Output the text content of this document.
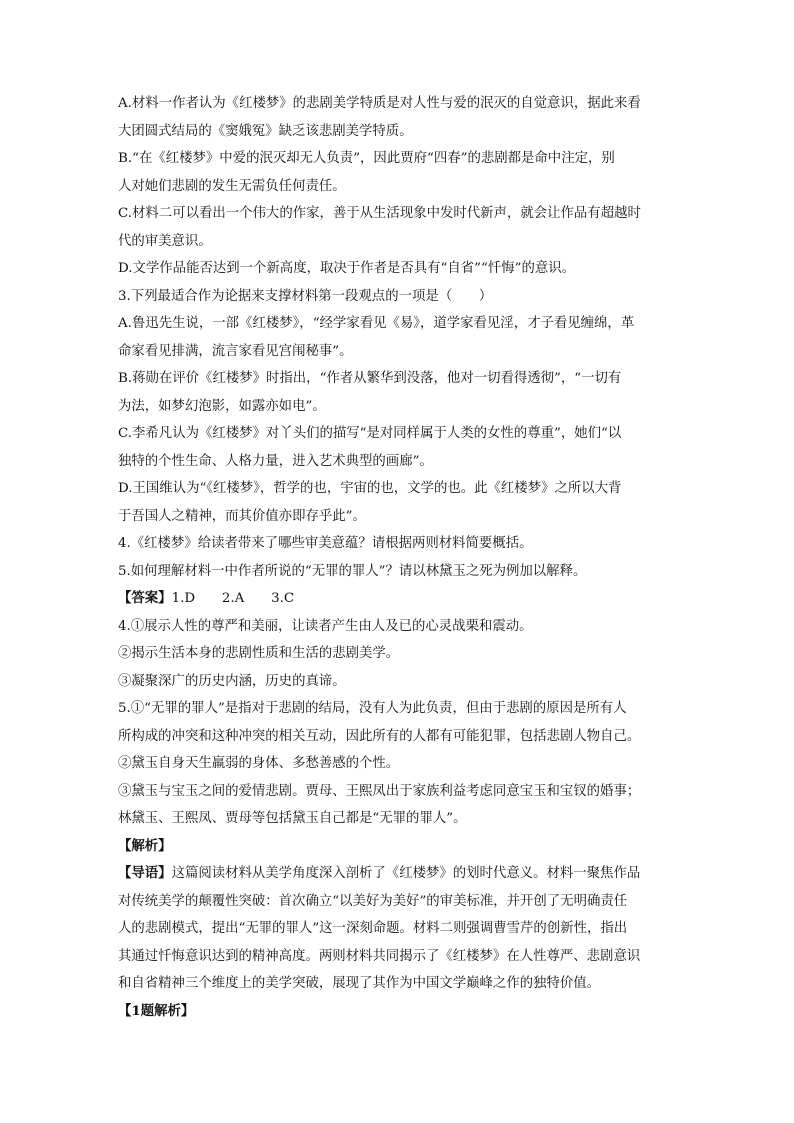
A.材料一作者认为《红楼梦》的悲剧美学特质是对人性与爱的泯灭的自觉意识，据此来看
大团圆式结局的《窦娥冤》缺乏该悲剧美学特质。
B.“在《红楼梦》中爱的泯灭却无人负责”，因此贾府“四春”的悲剧都是命中注定，别
人对她们悲剧的发生无需负任何责任。
C.材料二可以看出一个伟大的作家，善于从生活现象中发时代新声，就会让作品有超越时
代的审美意识。
D.文学作品能否达到一个新高度，取决于作者是否具有“自省”“忏悔”的意识。
3.下列最适合作为论据来支撑材料第一段观点的一项是（　　）
A.鲁迅先生说，一部《红楼梦》，“经学家看见《易》，道学家看见淫，才子看见缠绵，革
命家看见排满，流言家看见宫闱秘事”。
B.蒋勋在评价《红楼梦》时指出，“作者从繁华到没落，他对一切看得透彻”，“一切有
为法，如梦幻泡影，如露亦如电”。
C.李希凡认为《红楼梦》对丫头们的描写“是对同样属于人类的女性的尊重”，她们“以
独特的个性生命、人格力量，进入艺术典型的画廊”。
D.王国维认为“《红楼梦》，哲学的也，宇宙的也，文学的也。此《红楼梦》之所以大背
于吾国人之精神，而其价值亦即存乎此”。
4.《红楼梦》给读者带来了哪些审美意蕴？请根据两则材料简要概括。
5.如何理解材料一中作者所说的“无罪的罪人”？请以林黛玉之死为例加以解释。
【答案】1.D　　2.A　　3.C
4.①展示人性的尊严和美丽，让读者产生由人及已的心灵战栗和震动。
②揭示生活本身的悲剧性质和生活的悲剧美学。
③凝聚深广的历史内涵，历史的真谛。
5.①“无罪的罪人”是指对于悲剧的结局，没有人为此负责，但由于悲剧的原因是所有人
所构成的冲突和这种冲突的相关互动，因此所有的人都有可能犯罪，包括悲剧人物自己。
②黛玉自身天生羸弱的身体、多愁善感的个性。
③黛玉与宝玉之间的爱情悲剧。贾母、王熙凤出于家族利益考虑同意宝玉和宝钗的婚事；
林黛玉、王熙凤、贾母等包括黛玉自己都是“无罪的罪人”。
【解析】
【导语】这篇阅读材料从美学角度深入剖析了《红楼梦》的划时代意义。材料一聚焦作品
对传统美学的颠覆性突破：首次确立“以美好为美好”的审美标准，并开创了无明确责任
人的悲剧模式，提出“无罪的罪人”这一深刻命题。材料二则强调曹雪芹的创新性，指出
其通过忏悔意识达到的精神高度。两则材料共同揭示了《红楼梦》在人性尊严、悲剧意识
和自省精神三个维度上的美学突破，展现了其作为中国文学巅峰之作的独特价值。
【1题解析】
